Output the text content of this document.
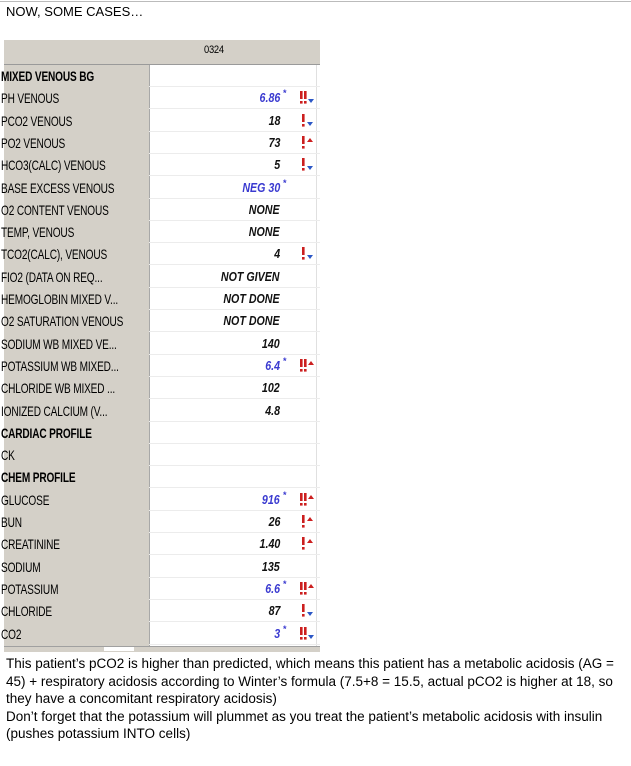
NOW, SOME CASES…
0324
MIXED VENOUS BG
PH VENOUS	6.86 *
PCO2 VENOUS	18
PO2 VENOUS	73
HCO3(CALC) VENOUS	5
BASE EXCESS VENOUS	NEG 30 *
O2 CONTENT VENOUS	NONE
TEMP, VENOUS	NONE
TCO2(CALC), VENOUS	4
FIO2 (DATA ON REQ...	NOT GIVEN
HEMOGLOBIN MIXED V...	NOT DONE
O2 SATURATION VENOUS	NOT DONE
SODIUM WB MIXED VE...	140
POTASSIUM WB MIXED...	6.4 *
CHLORIDE WB MIXED ...	102
IONIZED CALCIUM (V...	4.8
CARDIAC PROFILE
CK
CHEM PROFILE
GLUCOSE	916 *
BUN	26
CREATININE	1.40
SODIUM	135
POTASSIUM	6.6 *
CHLORIDE	87
CO2	3 *

This patient’s pCO2 is higher than predicted, which means this patient has a metabolic acidosis (AG = 45) + respiratory acidosis according to Winter’s formula (7.5+8 = 15.5, actual pCO2 is higher at 18, so they have a concomitant respiratory acidosis)

Don’t forget that the potassium will plummet as you treat the patient’s metabolic acidosis with insulin (pushes potassium INTO cells)
